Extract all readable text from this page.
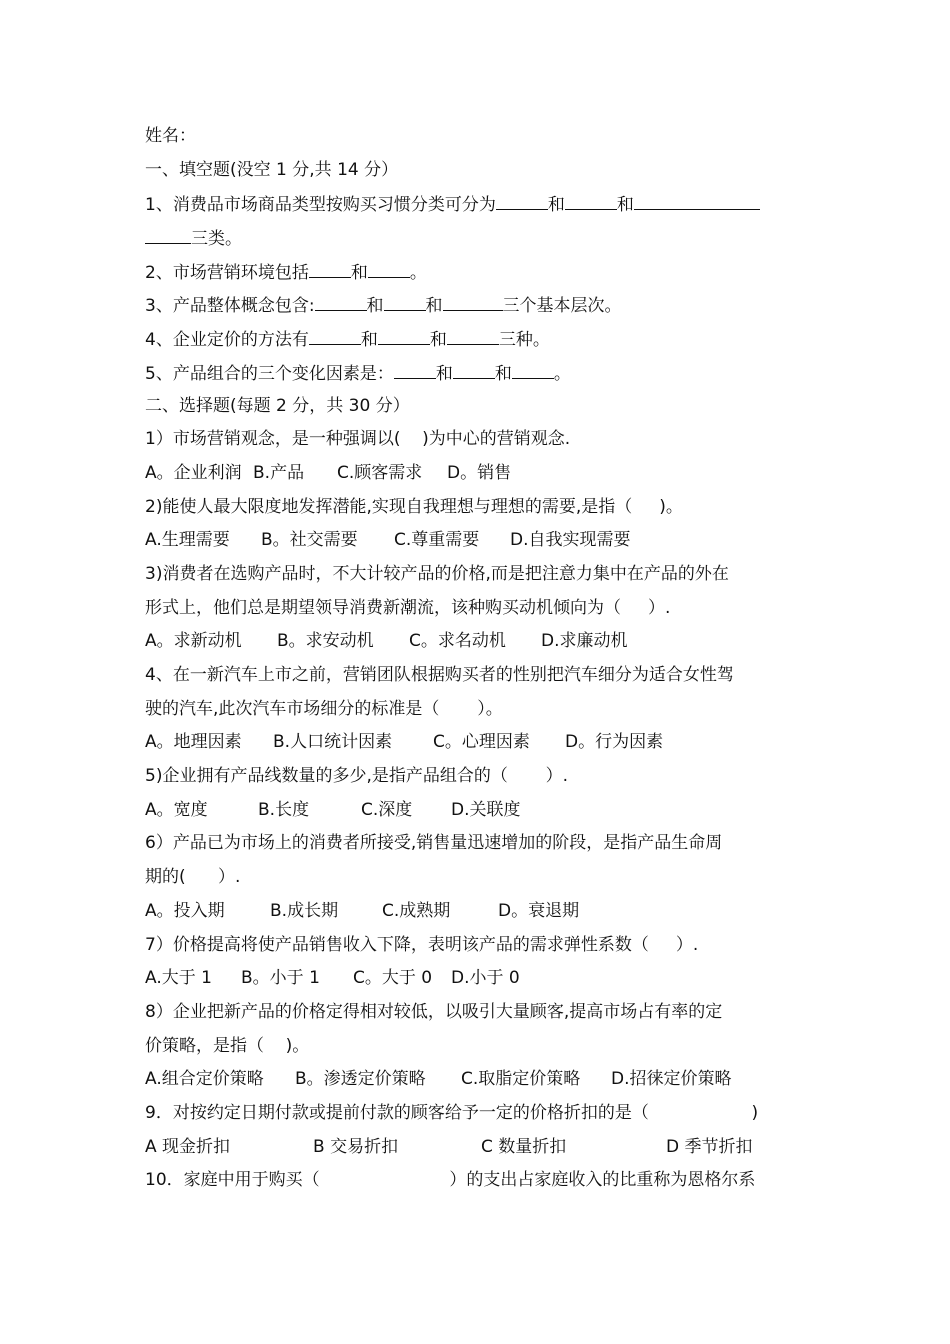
姓名：
一、填空题(没空 1 分,共 14 分）
1、消费品市场商品类型按购买习惯分类可分为	和	和
三类。
2、市场营销环境包括 和 。
3、产品整体概念包含:	和 和	三个基本层次。
4、企业定价的方法有	和	和	三种。
5、产品组合的三个变化因素是： 和 和 。
二、选择题(每题 2 分，共 30 分）
1）市场营销观念，是一种强调以(    )为中心的营销观念.
A。企业利润 B.产品 C.顾客需求 D。销售
2)能使人最大限度地发挥潜能,实现自我理想与理想的需要,是指（     )。
A.生理需要 B。社交需要 C.尊重需要 D.自我实现需要
3)消费者在选购产品时，不大计较产品的价格,而是把注意力集中在产品的外在
形式上，他们总是期望领导消费新潮流，该种购买动机倾向为（     ）.
A。求新动机 B。求安动机 C。求名动机 D.求廉动机
4、在一新汽车上市之前，营销团队根据购买者的性别把汽车细分为适合女性驾
驶的汽车,此次汽车市场细分的标准是（       ）。
A。地理因素 B.人口统计因素 C。心理因素 D。行为因素
5)企业拥有产品线数量的多少,是指产品组合的（       ）.
A。宽度	B.长度	C.深度 D.关联度
6）产品已为市场上的消费者所接受,销售量迅速增加的阶段，是指产品生命周
期的(      ）.
A。投入期	B.成长期	C.成熟期	D。衰退期
7）价格提高将使产品销售收入下降，表明该产品的需求弹性系数（     ）.
A.大于 1 B。小于 1 C。大于 0 D.小于 0
8）企业把新产品的价格定得相对较低，以吸引大量顾客,提高市场占有率的定
价策略，是指（    )。
A.组合定价策略 B。渗透定价策略 C.取脂定价策略 D.招徕定价策略
9．对按约定日期付款或提前付款的顾客给予一定的价格折扣的是（                   )
A 现金折扣	B 交易折扣	C 数量折扣	D 季节折扣
10．家庭中用于购买（                        ）的支出占家庭收入的比重称为恩格尔系
